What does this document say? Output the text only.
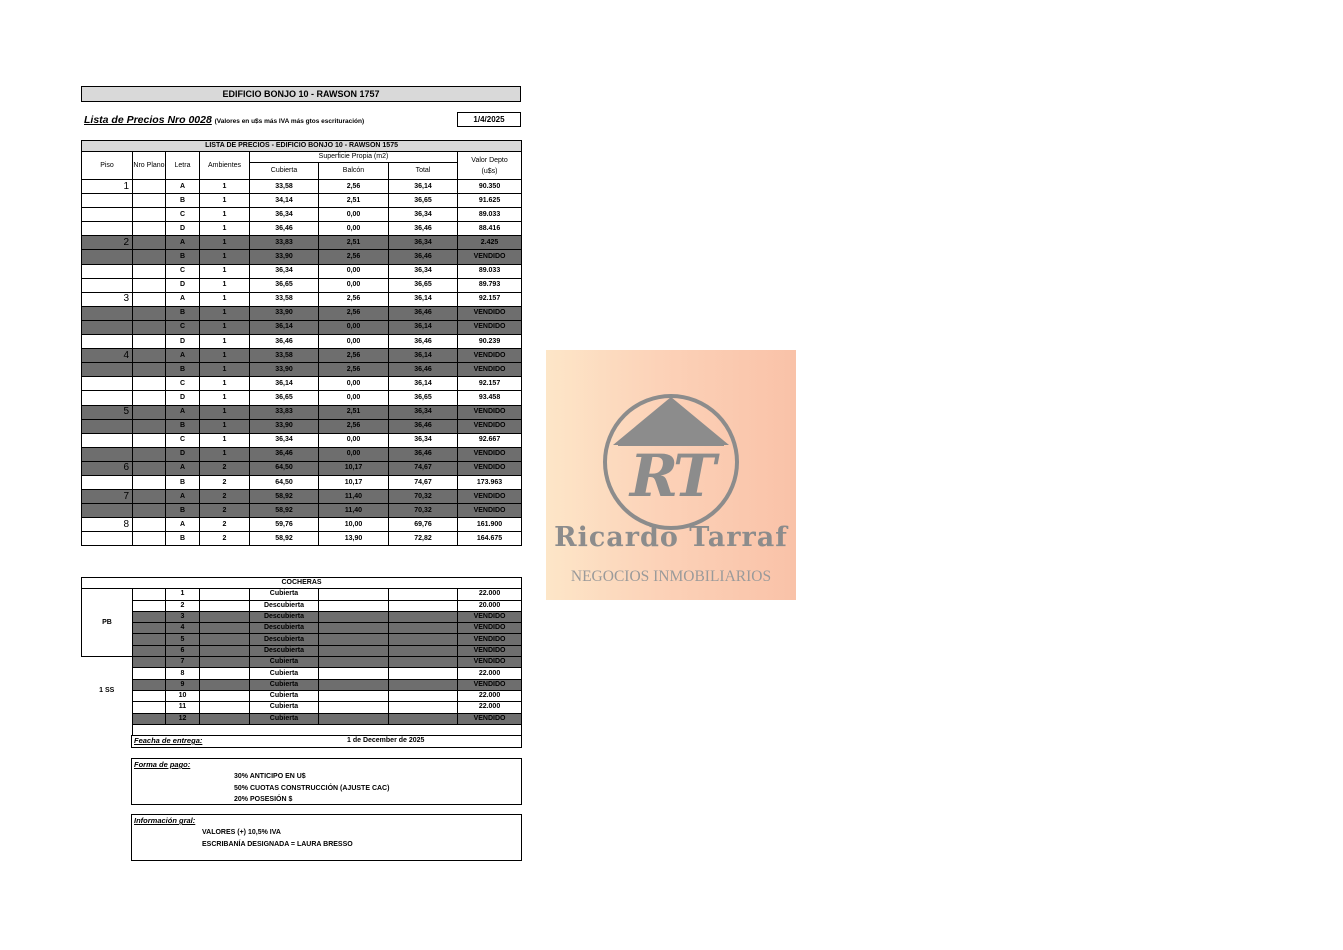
EDIFICIO BONJO 10 - RAWSON 1757
Lista de Precios Nro 0028 (Valores en u$s más IVA más gtos escrituración)	1/4/2025
LISTA DE PRECIOS - EDIFICIO BONJO 10 - RAWSON 1575							
Piso	Nro Plano	Letra	Ambientes	Superficie Propia (m2)			Valor Depto (u$s)
				Cubierta	Balcón	Total	
1		A	1	33,58	2,56	36,14	90.350
		B	1	34,14	2,51	36,65	91.625
		C	1	36,34	0,00	36,34	89.033
		D	1	36,46	0,00	36,46	88.416
2		A	1	33,83	2,51	36,34	2.425
		B	1	33,90	2,56	36,46	VENDIDO
		C	1	36,34	0,00	36,34	89.033
		D	1	36,65	0,00	36,65	89.793
3		A	1	33,58	2,56	36,14	92.157
		B	1	33,90	2,56	36,46	VENDIDO
		C	1	36,14	0,00	36,14	VENDIDO
		D	1	36,46	0,00	36,46	90.239
4		A	1	33,58	2,56	36,14	VENDIDO
		B	1	33,90	2,56	36,46	VENDIDO
		C	1	36,14	0,00	36,14	92.157
		D	1	36,65	0,00	36,65	93.458
5		A	1	33,83	2,51	36,34	VENDIDO
		B	1	33,90	2,56	36,46	VENDIDO
		C	1	36,34	0,00	36,34	92.667
		D	1	36,46	0,00	36,46	VENDIDO
6		A	2	64,50	10,17	74,67	VENDIDO
		B	2	64,50	10,17	74,67	173.963
7		A	2	58,92	11,40	70,32	VENDIDO
		B	2	58,92	11,40	70,32	VENDIDO
8		A	2	59,76	10,00	69,76	161.900
		B	2	58,92	13,90	72,82	164.675
COCHERAS							
PB		1		Cubierta			22.000
		2		Descubierta			20.000
		3		Descubierta			VENDIDO
		4		Descubierta			VENDIDO
		5		Descubierta			VENDIDO
		6		Descubierta			VENDIDO
1 SS		7		Cubierta			VENDIDO
		8		Cubierta			22.000
		9		Cubierta			VENDIDO
		10		Cubierta			22.000
		11		Cubierta			22.000
		12		Cubierta			VENDIDO

Feacha de entrega:	1 de December de 2025
Forma de pago:
30% ANTICIPO EN U$
50% CUOTAS CONSTRUCCIÓN (AJUSTE CAC)
20% POSESIÓN $
Información gral:
VALORES (+) 10,5% IVA
ESCRIBANÍA DESIGNADA = LAURA BRESSO
RT
Ricardo Tarraf
NEGOCIOS INMOBILIARIOS
